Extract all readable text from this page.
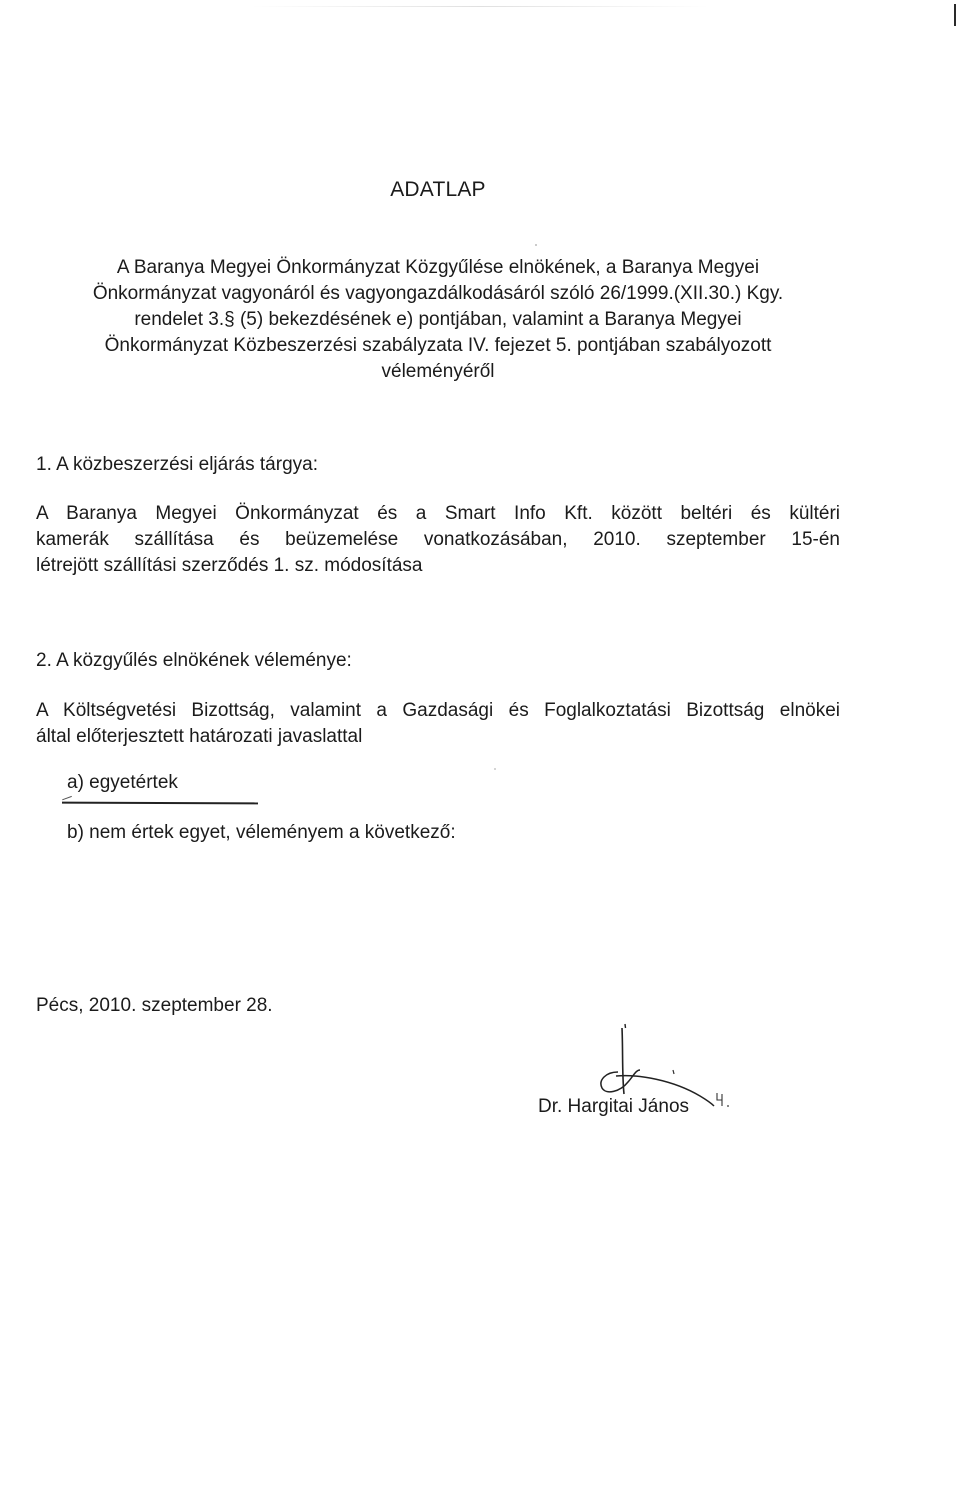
ADATLAP
A Baranya Megyei Önkormányzat Közgyűlése elnökének, a Baranya Megyei
Önkormányzat vagyonáról és vagyongazdálkodásáról szóló 26/1999.(XII.30.) Kgy.
rendelet 3.§ (5) bekezdésének e) pontjában, valamint a Baranya Megyei
Önkormányzat Közbeszerzési szabályzata IV. fejezet 5. pontjában szabályozott
véleményéről
1. A közbeszerzési eljárás tárgya:
A Baranya Megyei Önkormányzat és a Smart Info Kft. között beltéri és kültéri
kamerák szállítása és beüzemelése vonatkozásában, 2010. szeptember 15-én
létrejött szállítási szerződés 1. sz. módosítása
2. A közgyűlés elnökének véleménye:
A Költségvetési Bizottság, valamint a Gazdasági és Foglalkoztatási Bizottság elnökei
által előterjesztett határozati javaslattal
a) egyetértek
b) nem értek egyet, véleményem a következő:
Pécs, 2010. szeptember 28.
Dr. Hargitai János
